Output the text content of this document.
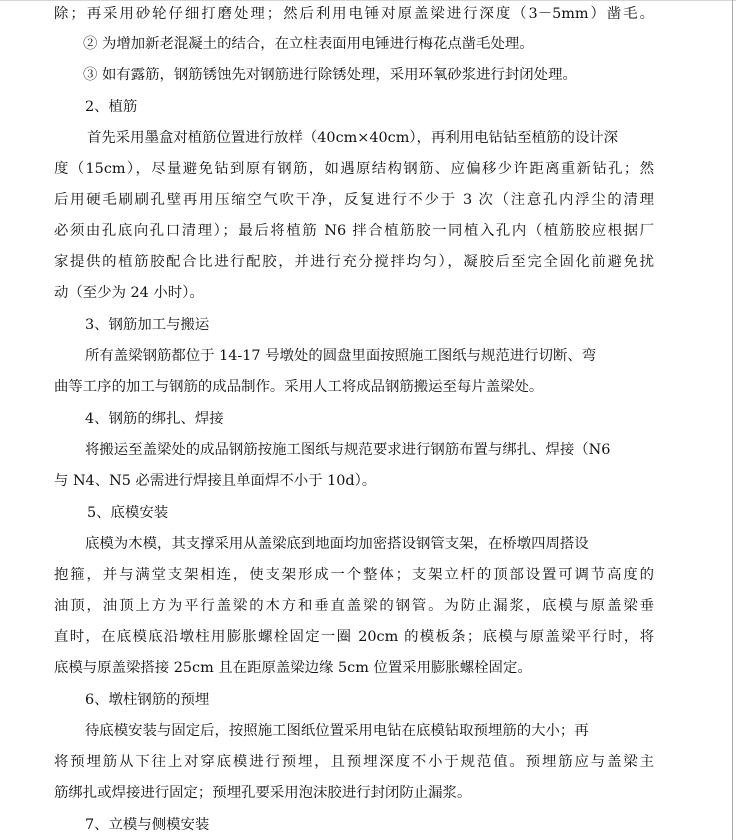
除；再采用砂轮仔细打磨处理；然后利用电锤对原盖梁进行深度（3－5mm）凿毛。
② 为增加新老混凝土的结合，在立柱表面用电锤进行梅花点凿毛处理。
③ 如有露筋，钢筋锈蚀先对钢筋进行除锈处理，采用环氧砂浆进行封闭处理。
2、植筋
首先采用墨盒对植筋位置进行放样（40cm×40cm），再利用电钻钻至植筋的设计深
度（15cm），尽量避免钻到原有钢筋，如遇原结构钢筋、应偏移少许距离重新钻孔；然
后用硬毛刷刷孔壁再用压缩空气吹干净，反复进行不少于 3 次（注意孔内浮尘的清理
必须由孔底向孔口清理）；最后将植筋 N6 拌合植筋胶一同植入孔内（植筋胶应根据厂
家提供的植筋胶配合比进行配胶，并进行充分搅拌均匀），凝胶后至完全固化前避免扰
动（至少为 24 小时）。
3、钢筋加工与搬运
所有盖梁钢筋都位于 14-17 号墩处的圆盘里面按照施工图纸与规范进行切断、弯
曲等工序的加工与钢筋的成品制作。采用人工将成品钢筋搬运至每片盖梁处。
4、钢筋的绑扎、焊接
将搬运至盖梁处的成品钢筋按施工图纸与规范要求进行钢筋布置与绑扎、焊接（N6
与 N4、N5 必需进行焊接且单面焊不小于 10d）。
5、底模安装
底模为木模，其支撑采用从盖梁底到地面均加密搭设钢管支架，在桥墩四周搭设
抱箍，并与满堂支架相连，使支架形成一个整体；支架立杆的顶部设置可调节高度的
油顶，油顶上方为平行盖梁的木方和垂直盖梁的钢管。为防止漏浆，底模与原盖梁垂
直时，在底模底沿墩柱用膨胀螺栓固定一圈 20cm 的模板条；底模与原盖梁平行时，将
底模与原盖梁搭接 25cm 且在距原盖梁边缘 5cm 位置采用膨胀螺栓固定。
6、墩柱钢筋的预埋
待底模安装与固定后，按照施工图纸位置采用电钻在底模钻取预埋筋的大小；再
将预埋筋从下往上对穿底模进行预埋，且预埋深度不小于规范值。预埋筋应与盖梁主
筋绑扎或焊接进行固定；预埋孔要采用泡沫胶进行封闭防止漏浆。
7、立模与侧模安装
